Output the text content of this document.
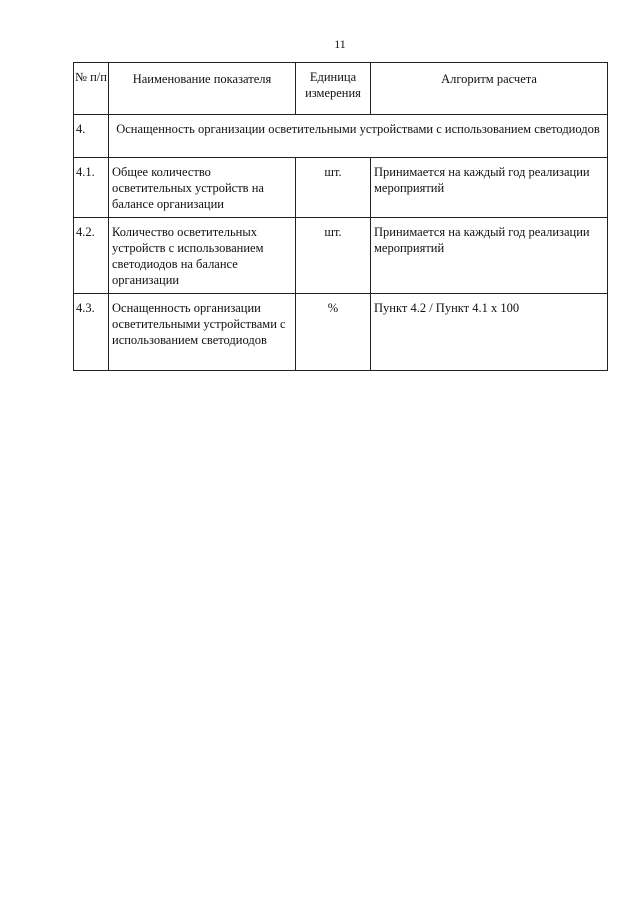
11
№ п/п	Наименование показателя	Единица измерения	Алгоритм расчета
4.	Оснащенность организации осветительными устройствами с использованием светодиодов		
4.1.	Общее количество осветительных устройств на балансе организации	шт.	Принимается на каждый год реализации мероприятий
4.2.	Количество осветительных устройств с использованием светодиодов на балансе организации	шт.	Принимается на каждый год реализации мероприятий
4.3.	Оснащенность организации осветительными устройствами с использованием светодиодов	%	Пункт 4.2 / Пункт 4.1 x 100
